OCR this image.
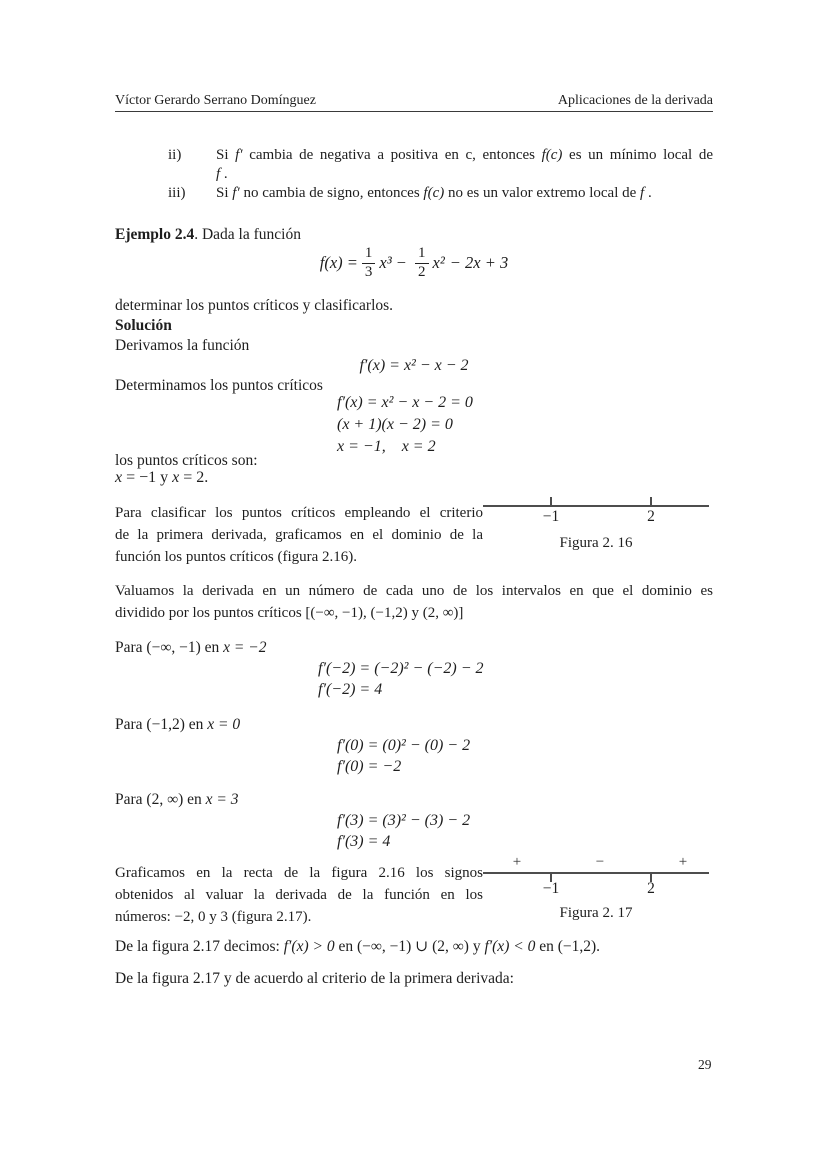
Víctor Gerardo Serrano Domínguez	Aplicaciones de la derivada
ii)	Si f′ cambia de negativa a positiva en c, entonces f(c) es un mínimo local de
f .
iii)	Si f′ no cambia de signo, entonces f(c) no es un valor extremo local de f .
Ejemplo 2.4. Dada la función
$f(x) = \frac{1}{3} x^3 - \frac{1}{2} x^2 - 2x + 3$
determinar los puntos críticos y clasificarlos.
Solución
Derivamos la función
f′(x) = x² − x − 2
Determinamos los puntos críticos
f′(x) = x² − x − 2 = 0
(x + 1)(x − 2) = 0
x = −1, x = 2
los puntos críticos son:
x = −1 y x = 2.
Para clasificar los puntos críticos empleando el criterio
de la primera derivada, graficamos en el dominio de la
función los puntos críticos (figura 2.16).
−1	2
Figura 2. 16
Valuamos la derivada en un número de cada uno de los intervalos en que el dominio es
dividido por los puntos críticos [(−∞, −1), (−1,2) y (2, ∞)]
Para (−∞, −1) en x = −2
f′(−2) = (−2)² − (−2) − 2
f′(−2) = 4
Para (−1,2) en x = 0
f′(0) = (0)² − (0) − 2
f′(0) = −2
Para (2, ∞) en x = 3
f′(3) = (3)² − (3) − 2
f′(3) = 4
Graficamos en la recta de la figura 2.16 los signos
obtenidos al valuar la derivada de la función en los
números: −2, 0 y 3 (figura 2.17).
+	−	+
−1	2
Figura 2. 17
De la figura 2.17 decimos: f′(x) > 0 en (−∞, −1) ∪ (2, ∞) y f′(x) < 0 en (−1,2).
De la figura 2.17 y de acuerdo al criterio de la primera derivada:
29
